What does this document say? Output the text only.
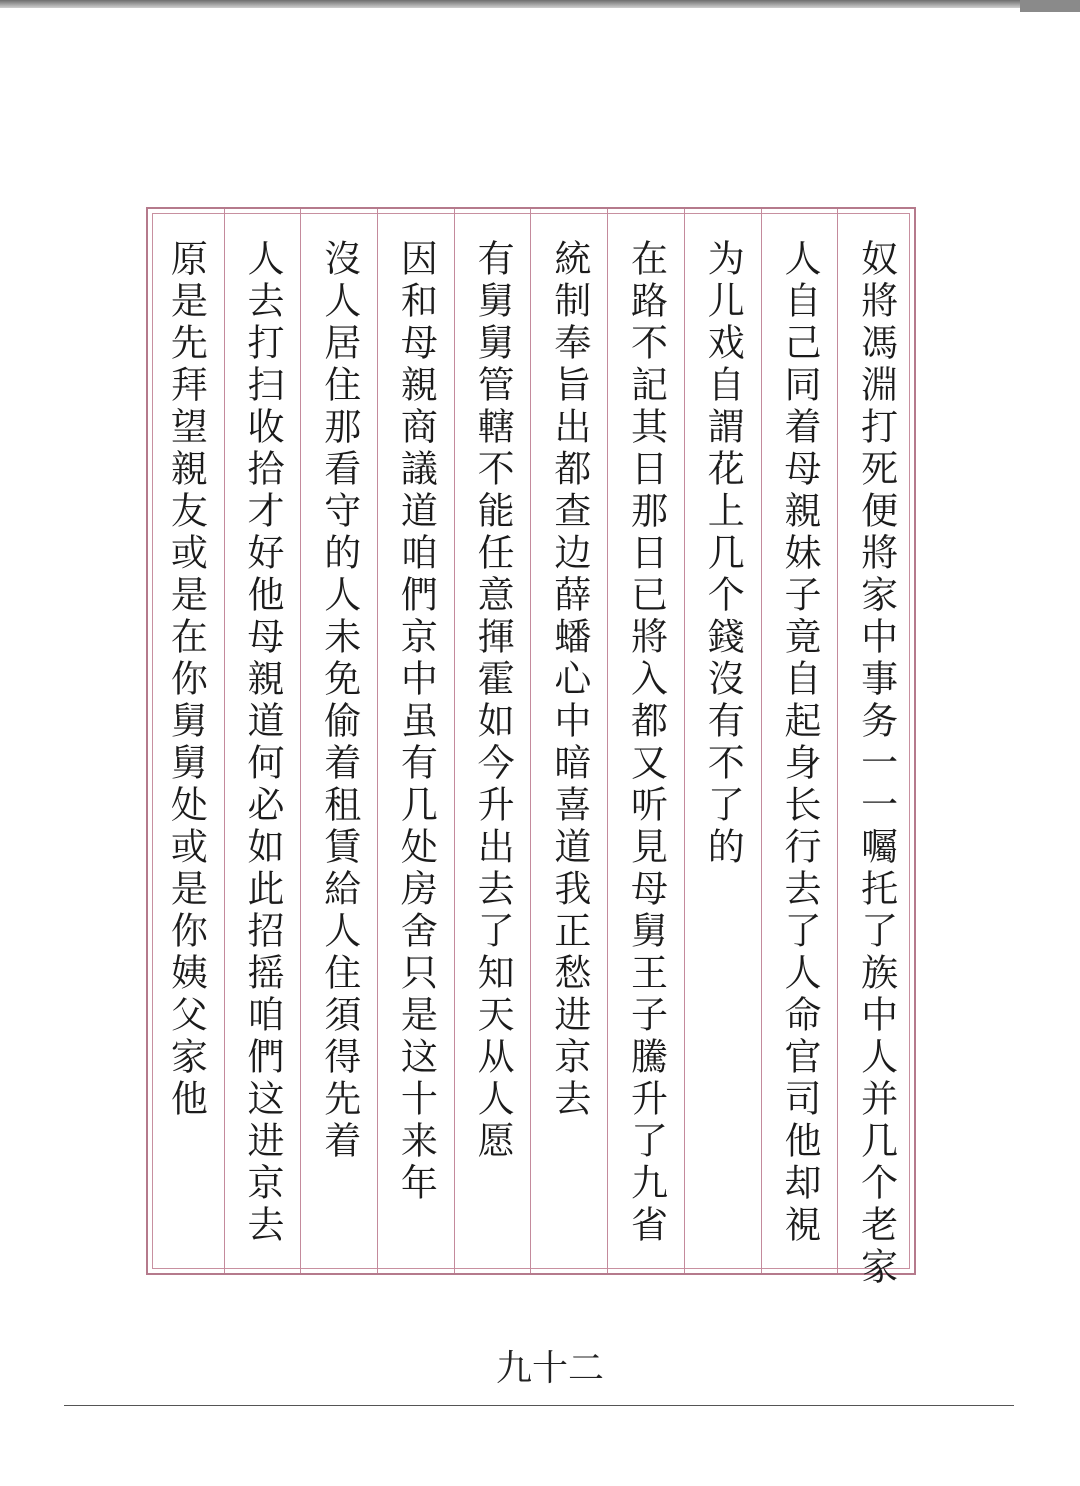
奴將馮淵打死便將家中事务一一囑托了族中人并几个老家
人自己同着母親妹子竟自起身长行去了人命官司他却視
为儿戏自謂花上几个錢沒有不了的
在路不記其日那日已將入都又听見母舅王子騰升了九省
統制奉旨出都查边薛蟠心中暗喜道我正愁进京去
有舅舅管轄不能任意揮霍如今升出去了知天从人愿
因和母親商議道咱們京中虽有几处房舍只是这十来年
沒人居住那看守的人未免偷着租賃給人住須得先着
人去打扫收拾才好他母親道何必如此招摇咱們这进京去
原是先拜望親友或是在你舅舅处或是你姨父家他
九十二
